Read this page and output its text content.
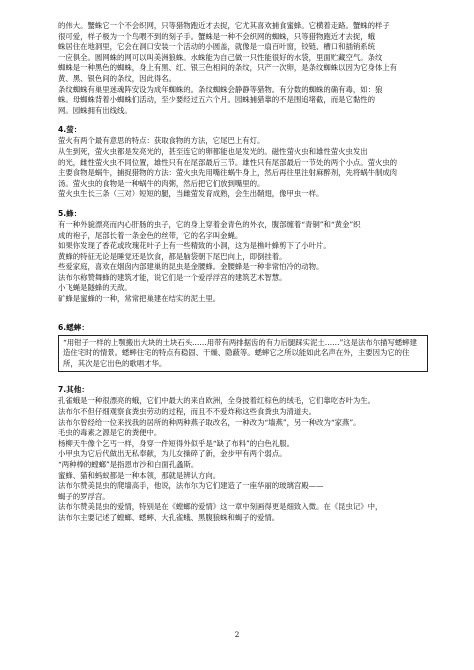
的伟大。蟹蛛它一个不会织网，只等猎物跑近才去捉，它尤其喜欢捕食蜜蜂。它横着走路。蟹蛛的样子

很可爱，样子极为一个鸟喂不到的刻子手。蟹蛛是一种不会织网的蜘蛛，只等猎物跑近才去捉，蛾

蛛居住在地洞里，它会在洞口安装一个活动的小圆盖，就像是一扇百叶窗，铰链、槽口和插销系统

一应俱全。圆网蛛的网可以叫美洲狼蛛。水蛛能为自己做一只性能很好的水袋，里面贮藏空气。条纹

蜘蛛是一种黑色的蜘蛛，身上有黑、红、银三色相间的条纹，只产一次卵，是条纹蜘蛛以因为它身体上有

黄、黑、银色间的条纹，因此得名。

条纹蜘蛛有巢里迷魂阵安设为成年蜘蛛的。条纹蜘蛛会静静等猎物。有分数的蜘蛛的确有毒，如：狼

蛛。母蜘蛛背着小蜘蛛们活动，至少要经过五六个月。园蛛捕猎靠的不是围追堵截，而是它黏性的

网。园蛛拥有出线线。

4.萤：

萤火有两个最有意思的特点：获取食物的方法，它尾巴上有灯。

从生到死，萤火虫都是发亮光的，甚至连它的卵都能也是发光的。磁性萤火虫和雄性萤火虫发出

的光，雌性萤火虫不同位置，雄性只有在尾部最后三节。雄性只有尾部最后一节处的两个小点。萤火虫的

主要食物是蜗牛，捕捉猎物的方法：萤火虫先用嘴往蜗牛身上，然后再往里注射麻醉剂，先将蜗牛制成肉

汤。萤火虫的食物是一种蜗牛的肉粥，然后把它们放到嘴里的。

萤火虫生长三条（三对）短短的腿，当雌萤发育成熟，会生出鞘翅，像甲虫一样。

5.蜂：

有一种外貌漂亮而内心肝肠的虫子，它的身上穿着金青色的外衣，腹部缠着“青铜”和“黄金”织

成的袍子，尾部长着一条金色的丝带，它的名字叫金蝇。

如果你发现了香花或玫瑰花叶子上有一些精致的小洞，这为是樵叶蜂剪下了小叶片。

黄蜂的特征无论是睡觉还是饮食，都是脑袋朝下尾巴向上，即倒挂着。

些爱家庭，喜欢在烟囱内部建巢的昆虫是金腰蜂。金腰蜂是一种非常怕冷的动物。

法布尔称赞舞蜂的建筑才能，说它们是一个爱浮浮宫的建筑艺术智慧。

小飞蝇是隧蜂的天敌。

矿蜂是蜜蜂的一种，常常把巢建在结实的泥土里。

6.蟋蟀：

“用钳子一样的上颚搬出大块的土块石头……用带有两排据齿的有力后腿踩实泥土……”这是法布尔描写蟋蟀建造住宅时的情景。蟋蟀住宅的特点有稳固、干燥、隐蔽等。蟋蟀它之所以能如此名声在外，主要因为它的住所，其次是它出色的歌唱才华。

7.其他：

孔雀蛾是一种很漂亮的蛾，它们中最大的来自欧洲，全身披着红棕色的绒毛，它们靠吃杏叶为生。

法布尔不但仔细观察食粪虫劳动的过程，而且不不爱炸称这些食粪虫为清道夫。

法布尔曾经给一位来找我的居所的种两种燕子取改名，一种改为“墙燕”，另一种改为“家燕”。

毛虫的毒素之源是它的粪便中。

杨柳天牛像个乞丐一样，身穿一件短得外似乎是“缺了布料”的白色礼服。

小甲虫为它后代做出无私奉献，为儿女操碎了新，金步甲有两个弱点。

“两种棒的螳螂”是指恩市沙和白面孔螽斯。

蜜蜂、猫和蚂蚁都是一种本领，那就是辨认方向。

法布尔赞美昆虫的爬墙高手，他说，法布尔为它们建造了一座华丽的玻璃宫殿——

蝎子的罗浮宫。

法布尔赞美昆虫的爱情，特别是在《螳螂的爱情》这一章中刻画得更是细致入微。在《昆虫记》中，

法布尔主要记述了螳螂、蟋蟀、大孔雀蛾、黑腹狼蛛和蝎子的爱情。

2
